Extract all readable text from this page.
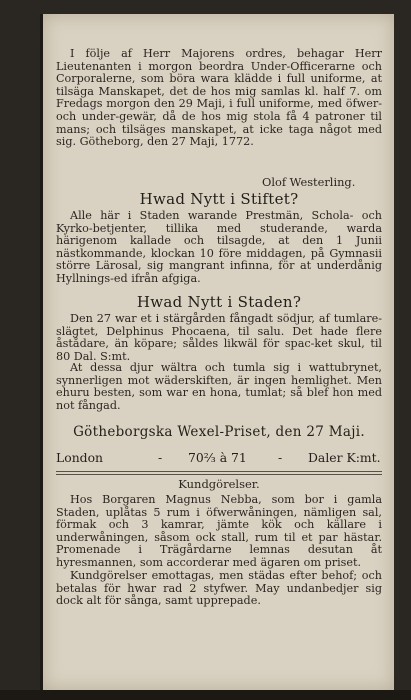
I följe af Herr Majorens ordres, behagar Herr Lieutenanten i morgon beordra Under-Officerarne och Corporalerne, som böra wara klädde i full uniforme, at tilsäga Manskapet, det de hos mig samlas kl. half 7. om Fredags morgon den 29 Maji, i full uniforme, med öfwer- och under-gewär, då de hos mig stola få 4 patroner til mans; och tilsäges manskapet, at icke taga något med sig. Götheborg, den 27 Maji, 1772.

Olof Westerling.
Hwad Nytt i Stiftet?

Alle här i Staden warande Prestmän, Schola- och Kyrko-betjenter, tillika med studerande, warda härigenom kallade och tilsagde, at den 1 Junii nästkommande, klockan 10 före middagen, på Gymnasii större Lärosal, sig mangrant infinna, för at underdånig Hyllnings-ed ifrån afgiga.

Hwad Nytt i Staden?

Den 27 war et i stärgården fångadt södjur, af tumlare-slägtet, Delphinus Phocaena, til salu. Det hade flere åstådare, än köpare; såldes likwäl för spac-ket skul, til 80 Dal. S:mt.

At dessa djur wältra och tumla sig i wattubrynet, synnerligen mot wäderskiften, är ingen hemlighet. Men ehuru besten, som war en hona, tumlat; så blef hon med not fångad.

Götheborgska Wexel-Priset, den 27 Maji.
London	- 70⅔ à 71	- Daler K:mt.
Kundgörelser.

Hos Borgaren Magnus Nebba, som bor i gamla Staden, uplåtas 5 rum i öfwerwåningen, nämligen sal, förmak och 3 kamrar, jämte kök och källare i underwåningen, såsom ock stall, rum til et par hästar. Promenade i Trägårdarne lemnas desutan åt hyresmannen, som accorderar med ägaren om priset.

Kundgörelser emottagas, men städas efter behof; och betalas för hwar rad 2 styfwer. May undanbedjer sig dock alt för sånga, samt upprepade.
